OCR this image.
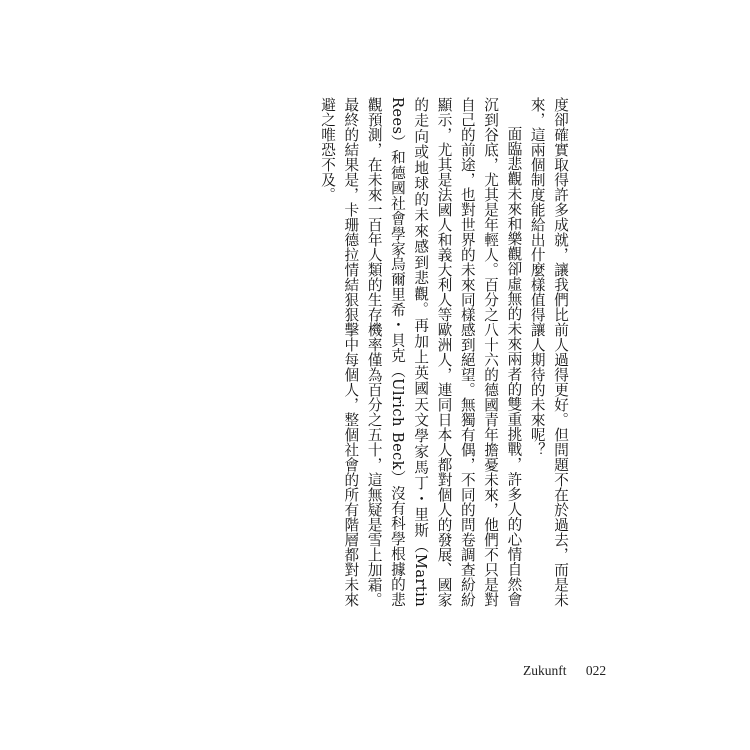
度卻確實取得許多成就，讓我們比前人過得更好。但問題不在於過去，而是未來，這兩個制度能給出什麼樣值得讓人期待的未來呢？

面臨悲觀未來和樂觀卻虛無的未來兩者的雙重挑戰，許多人的心情自然會沉到谷底，尤其是年輕人。百分之八十六的德國青年擔憂未來，他們不只是對自己的前途，也對世界的未來同樣感到絕望。無獨有偶，不同的問卷調查紛紛顯示，尤其是法國人和義大利人等歐洲人，連同日本人都對個人的發展、國家的走向或地球的未來感到悲觀。再加上英國天文學家馬丁・里斯（Martin Rees）和德國社會學家烏爾里希・貝克（Ulrich Beck）沒有科學根據的悲觀預測，在未來一百年人類的生存機率僅為百分之五十，這無疑是雪上加霜。最終的結果是，卡珊德拉情結狠狠擊中每個人，整個社會的所有階層都對未來避之唯恐不及。

Zukunft 022
